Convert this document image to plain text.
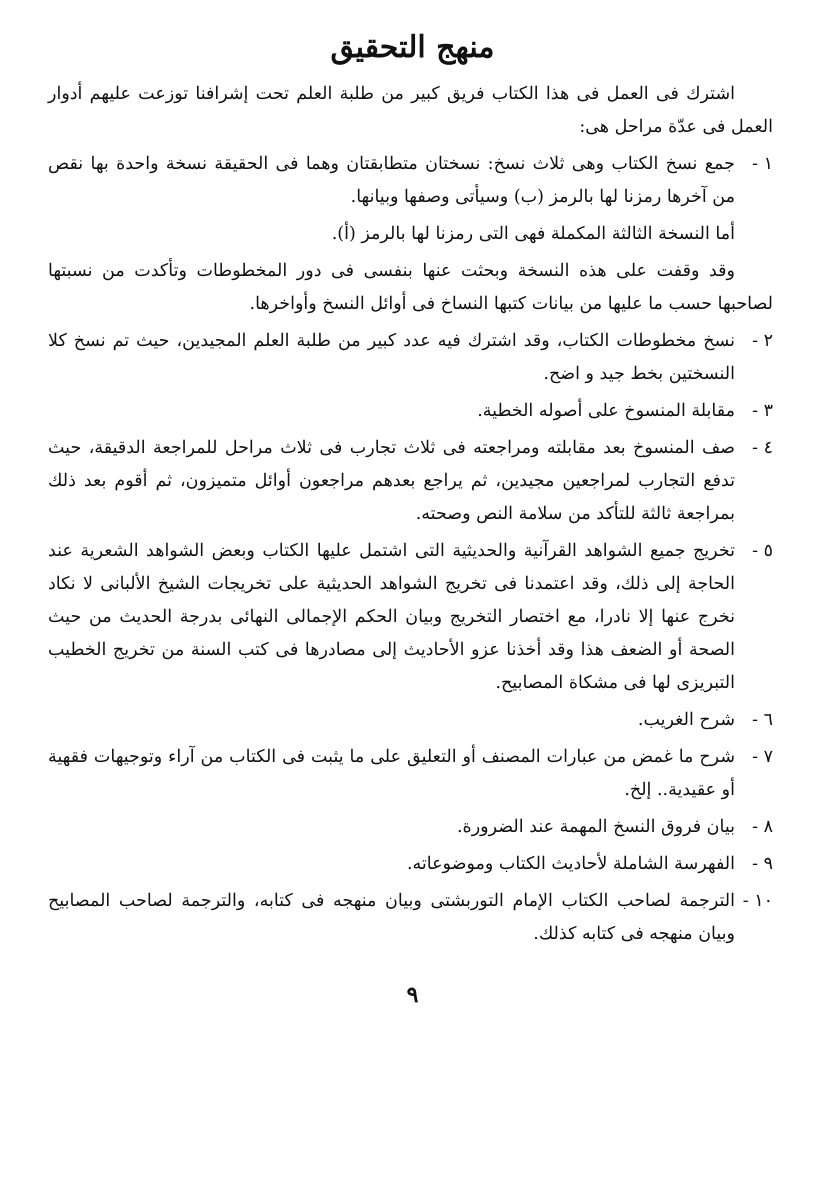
منهج التحقيق

اشترك فى العمل فى هذا الكتاب فريق كبير من طلبة العلم تحت إشرافنا توزعت عليهم أدوار العمل فى عدّة مراحل هى:

١ -
جمع نسخ الكتاب وهى ثلاث نسخ: نسختان متطابقتان وهما فى الحقيقة نسخة واحدة بها نقص من آخرها رمزنا لها بالرمز (ب) وسيأتى وصفها وبيانها.

أما النسخة الثالثة المكملة فهى التى رمزنا لها بالرمز (أ).

وقد وقفت على هذه النسخة وبحثت عنها بنفسى فى دور المخطوطات وتأكدت من نسبتها لصاحبها حسب ما عليها من بيانات كتبها النساخ فى أوائل النسخ وأواخرها.

٢ -
نسخ مخطوطات الكتاب، وقد اشترك فيه عدد كبير من طلبة العلم المجيدين، حيث تم نسخ كلا النسختين بخط جيد و اضح.
٣ -
مقابلة المنسوخ على أصوله الخطية.
٤ -
صف المنسوخ بعد مقابلته ومراجعته فى ثلاث تجارب فى ثلاث مراحل للمراجعة الدقيقة، حيث تدفع التجارب لمراجعين مجيدين، ثم يراجع بعدهم مراجعون أوائل متميزون، ثم أقوم بعد ذلك بمراجعة ثالثة للتأكد من سلامة النص وصحته.
٥ -
تخريج جميع الشواهد القرآنية والحديثية التى اشتمل عليها الكتاب وبعض الشواهد الشعرية عند الحاجة إلى ذلك، وقد اعتمدنا فى تخريج الشواهد الحديثية على تخريجات الشيخ الألبانى لا نكاد نخرج عنها إلا نادرا، مع اختصار التخريج وبيان الحكم الإجمالى النهائى بدرجة الحديث من حيث الصحة أو الضعف هذا وقد أخذنا عزو الأحاديث إلى مصادرها فى كتب السنة من تخريج الخطيب التبريزى لها فى مشكاة المصابيح.
٦ -
شرح الغريب.
٧ -
شرح ما غمض من عبارات المصنف أو التعليق على ما يثبت فى الكتاب من آراء وتوجيهات فقهية أو عقيدية.. إلخ.
٨ -
بيان فروق النسخ المهمة عند الضرورة.
٩ -
الفهرسة الشاملة لأحاديث الكتاب وموضوعاته.
١٠ -
الترجمة لصاحب الكتاب الإمام التوربشتى وبيان منهجه فى كتابه، والترجمة لصاحب المصابيح وبيان منهجه فى كتابه كذلك.
٩
